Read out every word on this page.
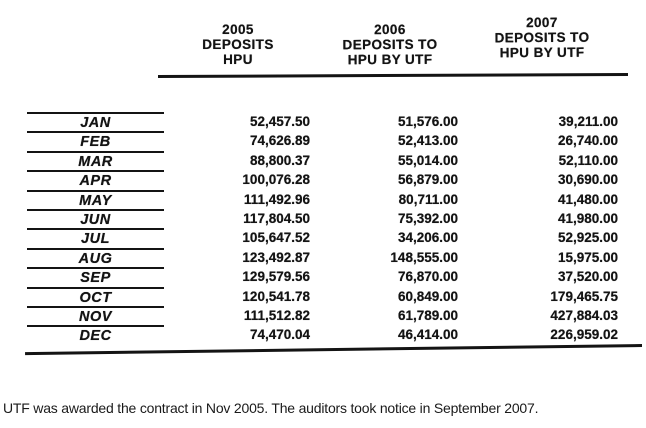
2005
DEPOSITS
HPU
2006
DEPOSITS TO
HPU BY UTF
2007
DEPOSITS TO
HPU BY UTF
JAN	52,457.50	51,576.00	39,211.00
FEB	74,626.89	52,413.00	26,740.00
MAR	88,800.37	55,014.00	52,110.00
APR	100,076.28	56,879.00	30,690.00
MAY	111,492.96	80,711.00	41,480.00
JUN	117,804.50	75,392.00	41,980.00
JUL	105,647.52	34,206.00	52,925.00
AUG	123,492.87	148,555.00	15,975.00
SEP	129,579.56	76,870.00	37,520.00
OCT	120,541.78	60,849.00	179,465.75
NOV	111,512.82	61,789.00	427,884.03
DEC	74,470.04	46,414.00	226,959.02
UTF was awarded the contract in Nov 2005. The auditors took notice in September 2007.
